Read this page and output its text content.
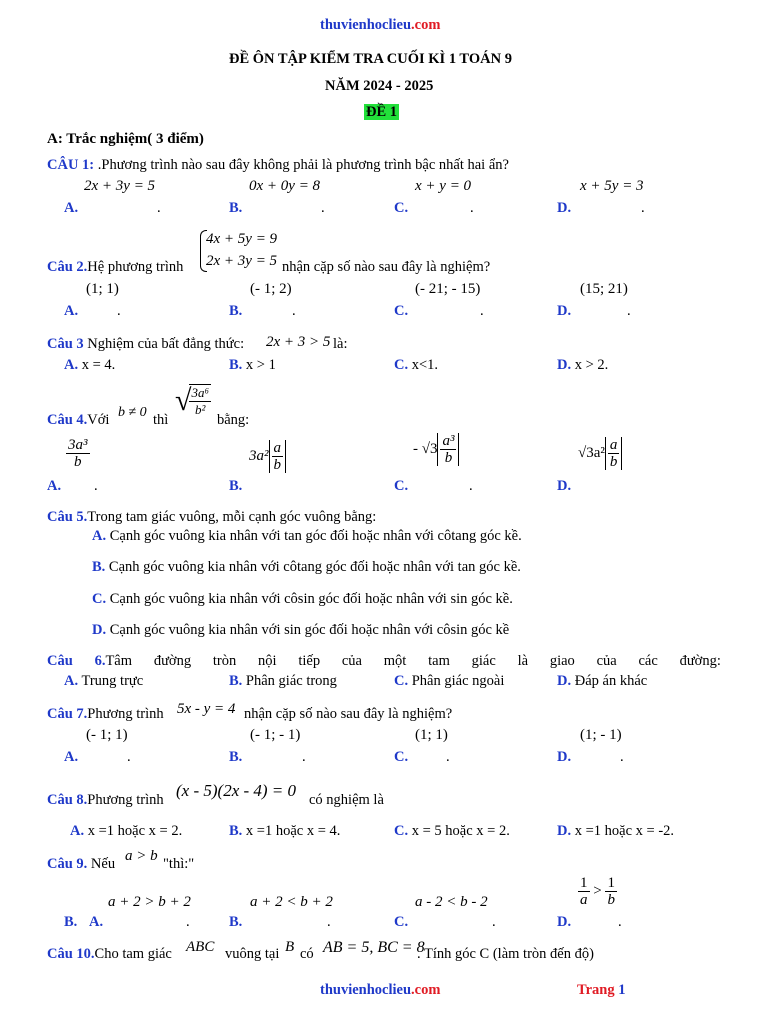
thuvienhoclieu.com
ĐỀ ÔN TẬP KIỂM TRA CUỐI KÌ 1 TOÁN 9
NĂM 2024 - 2025
ĐỀ 1
A: Trắc nghiệm( 3 điểm)
CÂU 1: .Phương trình nào sau đây không phải là phương trình bậc nhất hai ẩn?
2x + 3y = 5	0x + 0y = 8	x + y = 0	x + 5y = 3
A.	.	B.	.	C.	.	D.	.
Câu 2.Hệ phương trình
4x + 5y = 9
2x + 3y = 5 nhận cặp số nào sau đây là nghiệm?
(1; 1)	(- 1; 2)	(- 21; - 15)	(15; 21)
A.	.	B.	.	C.	.	D.	.
Câu 3 Nghiệm của bất đẳng thức: 2x + 3 > 5 là:
A. x = 4.	B. x > 1	C. x<1.	D. x > 2.
Câu 4.Với b ≠ 0 thì
√
$\frac{\text{3a⁶}}{\text{b²}}$
bằng:
$\frac{\text{3a³}}{b}$	$3a^2 \frac{a}{b}$	- $√3 \frac{\text{a³}}{b}$	$√3a^2 \frac{a}{b}$
A. .	B.	C.	.	D.
Câu 5.Trong tam giác vuông, mỗi cạnh góc vuông bằng:
A. Cạnh góc vuông kia nhân với tan góc đối hoặc nhân với côtang góc kề.
B. Cạnh góc vuông kia nhân với côtang góc đối hoặc nhân với tan góc kề.
C. Cạnh góc vuông kia nhân với côsin góc đối hoặc nhân với sin góc kề.
D. Cạnh góc vuông kia nhân với sin góc đối hoặc nhân với côsin góc kề
Câu 6.Tâm đường tròn nội tiếp của một tam giác là giao của các đường:
A. Trung trực	B. Phân giác trong	C. Phân giác ngoài	D. Đáp án khác
Câu 7.Phương trình 5x - y = 4 nhận cặp số nào sau đây là nghiệm?
(- 1; 1)	(- 1; - 1)	(1; 1)	(1; - 1)
A.	.	B.	.	C.	.	D.	.
Câu 8.Phương trình (x - 5)(2x - 4) = 0 có nghiệm là
A. x =1 hoặc x = 2.	B. x =1 hoặc x = 4.	C. x = 5 hoặc x = 2.	D. x =1 hoặc x = -2.
Câu 9. Nếu a > b "thì:"
a + 2 > b + 2	a + 2 < b + 2	a - 2 < b - 2	$\frac{1}{a} > \frac{1}{b}$
B. A.	.	B.	.	C.	.	D.	.
Câu 10.Cho tam giác ABC vuông tại B có AB = 5, BC = 8
. Tính góc C (làm tròn đến độ)
thuvienhoclieu.com	Trang 1
